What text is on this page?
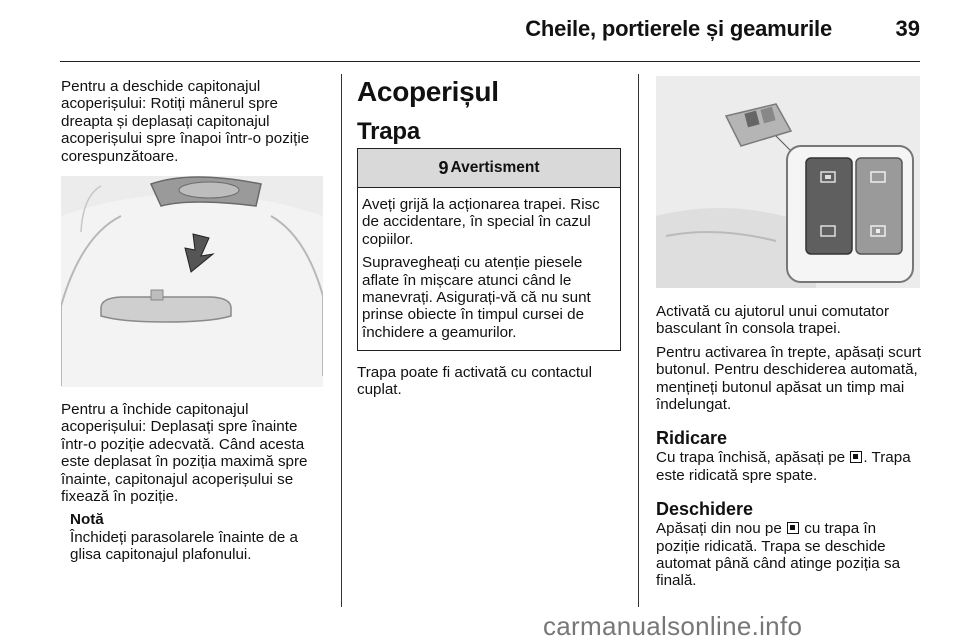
Cheile, portierele și geamurile	39

Pentru a deschide capitonajul acoperișului: Rotiți mânerul spre dreapta și deplasați capitonajul acoperișului spre înapoi într-o poziție corespunzătoare.

Pentru a închide capitonajul acoperișului: Deplasați spre înainte într-o poziție adecvată. Când acesta este deplasat în poziția maximă spre înainte, capitonajul acoperișului se fixează în poziție.

Notă

Închideți parasolarele înainte de a glisa capitonajul plafonului.

Acoperișul

Trapa

9 Avertisment

Aveți grijă la acționarea trapei. Risc de accidentare, în special în cazul copiilor.

Supravegheați cu atenție piesele aflate în mișcare atunci când le manevrați. Asigurați-vă că nu sunt prinse obiecte în timpul cursei de închidere a geamurilor.

Trapa poate fi activată cu contactul cuplat.

Activată cu ajutorul unui comutator basculant în consola trapei.

Pentru activarea în trepte, apăsați scurt butonul. Pentru deschiderea automată, mențineți butonul apăsat un timp mai îndelungat.

Ridicare

Cu trapa închisă, apăsați pe . Trapa este ridicată spre spate.

Deschidere

Apăsați din nou pe cu trapa în poziție ridicată. Trapa se deschide automat până când atinge poziția sa finală.

carmanualsonline.info
